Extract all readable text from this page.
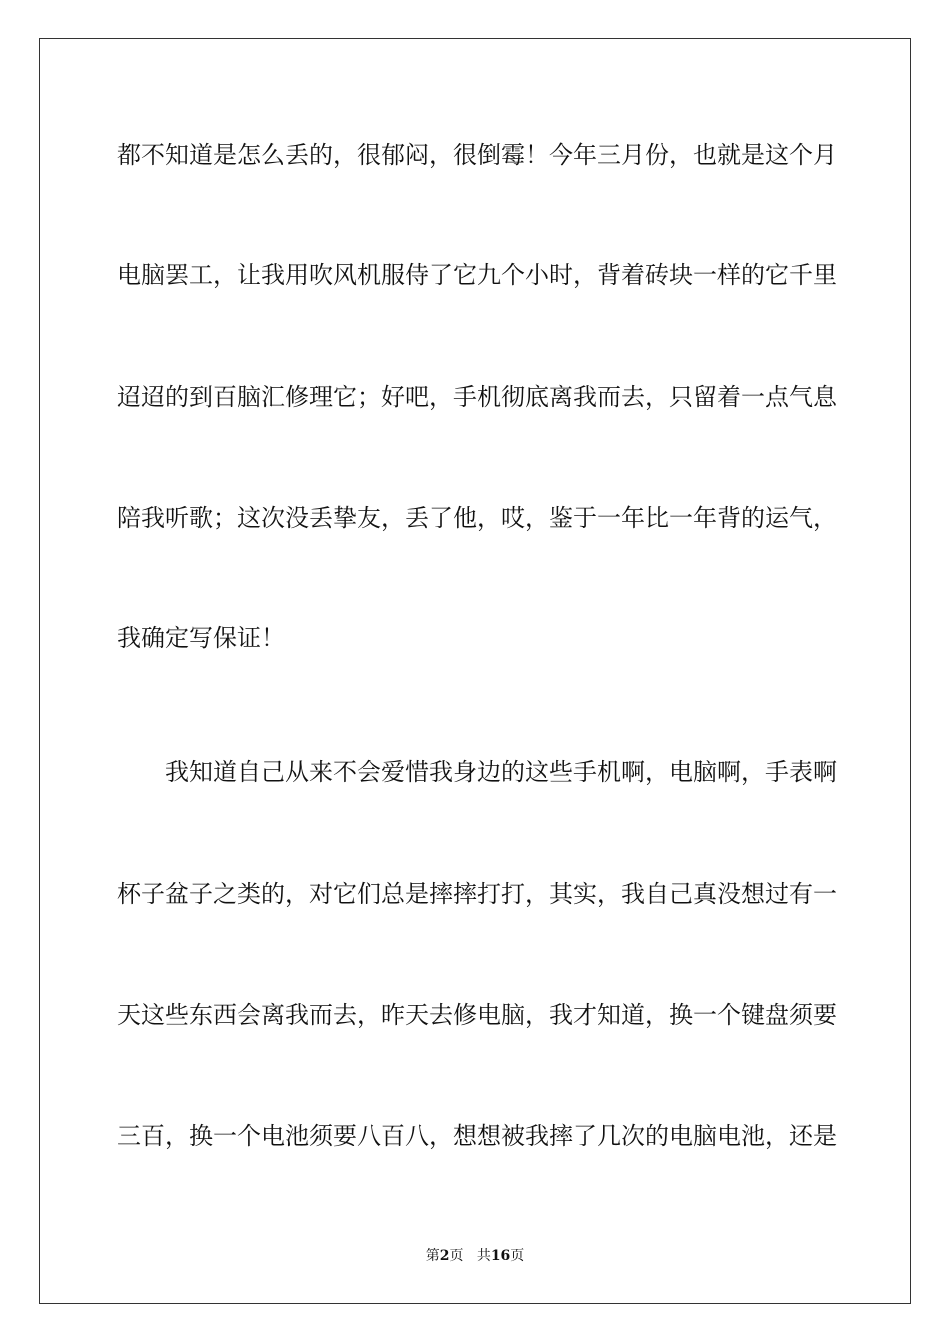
都不知道是怎么丢的，很郁闷，很倒霉！今年三月份，也就是这个月
电脑罢工，让我用吹风机服侍了它九个小时，背着砖块一样的它千里
迢迢的到百脑汇修理它；好吧，手机彻底离我而去，只留着一点气息
陪我听歌；这次没丢挚友，丢了他，哎，鉴于一年比一年背的运气，
我确定写保证！
我知道自己从来不会爱惜我身边的这些手机啊，电脑啊，手表啊
杯子盆子之类的，对它们总是摔摔打打，其实，我自己真没想过有一
天这些东西会离我而去，昨天去修电脑，我才知道，换一个键盘须要
三百，换一个电池须要八百八，想想被我摔了几次的电脑电池，还是
第2页 共16页
